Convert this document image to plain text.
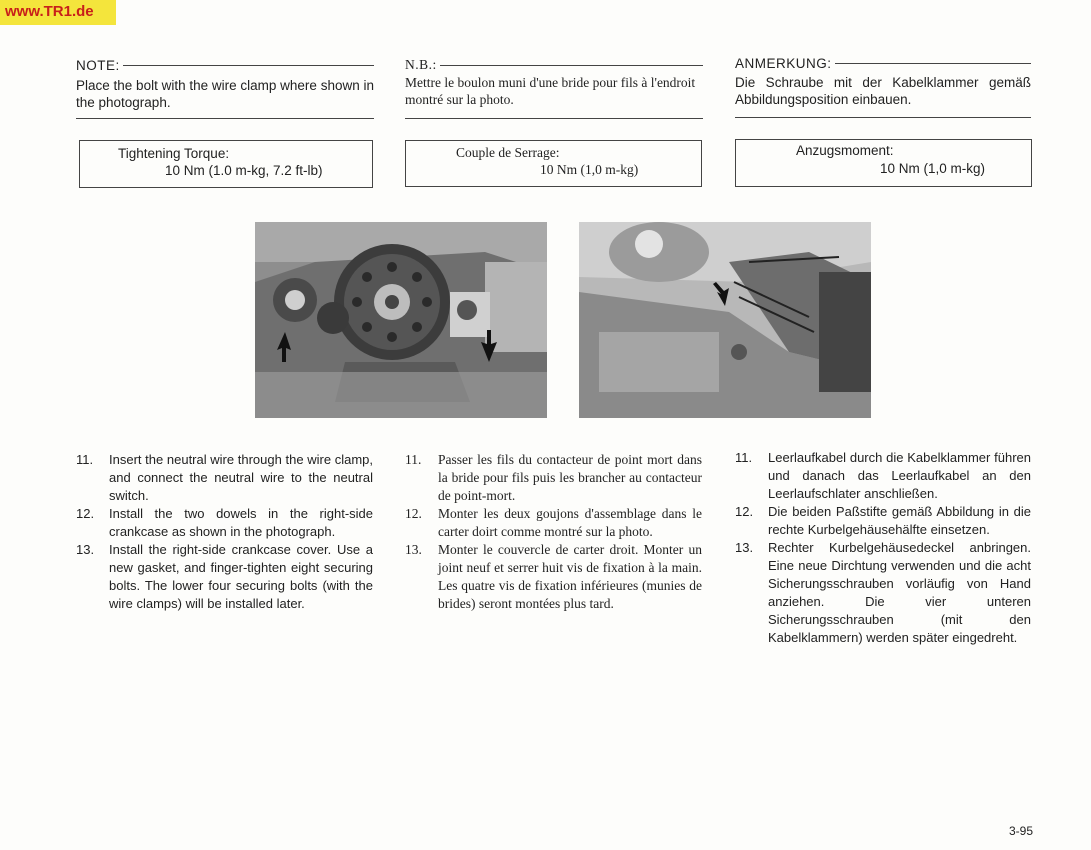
www.TR1.de
NOTE:
Place the bolt with the wire clamp where shown in the photograph.
Tightening Torque:
10 Nm (1.0 m-kg, 7.2 ft-lb)
N.B.:
Mettre le boulon muni d'une bride pour fils à l'endroit montré sur la photo.
Couple de Serrage:
10 Nm (1,0 m-kg)
ANMERKUNG:
Die Schraube mit der Kabelklammer gemäß Abbildungsposition einbauen.
Anzugsmoment:
10 Nm (1,0 m-kg)
11. Insert the neutral wire through the wire clamp, and connect the neutral wire to the neutral switch.
12. Install the two dowels in the right-side crankcase as shown in the photograph.
13. Install the right-side crankcase cover. Use a new gasket, and finger-tighten eight securing bolts. The lower four securing bolts (with the wire clamps) will be installed later.
11. Passer les fils du contacteur de point mort dans la bride pour fils puis les brancher au contacteur de point-mort.
12. Monter les deux goujons d'assemblage dans le carter doirt comme montré sur la photo.
13. Monter le couvercle de carter droit. Monter un joint neuf et serrer huit vis de fixation à la main. Les quatre vis de fixation inférieures (munies de brides) seront montées plus tard.
11. Leerlaufkabel durch die Kabelklammer führen und danach das Leerlaufkabel an den Leerlaufschlater anschließen.
12. Die beiden Paßstifte gemäß Abbildung in die rechte Kurbelgehäusehälfte einsetzen.
13. Rechter Kurbelgehäusedeckel anbringen. Eine neue Dirchtung verwenden und die acht Sicherungsschrauben vorläufig von Hand anziehen. Die vier unteren Sicherungsschrauben (mit den Kabelklammern) werden später eingedreht.
3-95
